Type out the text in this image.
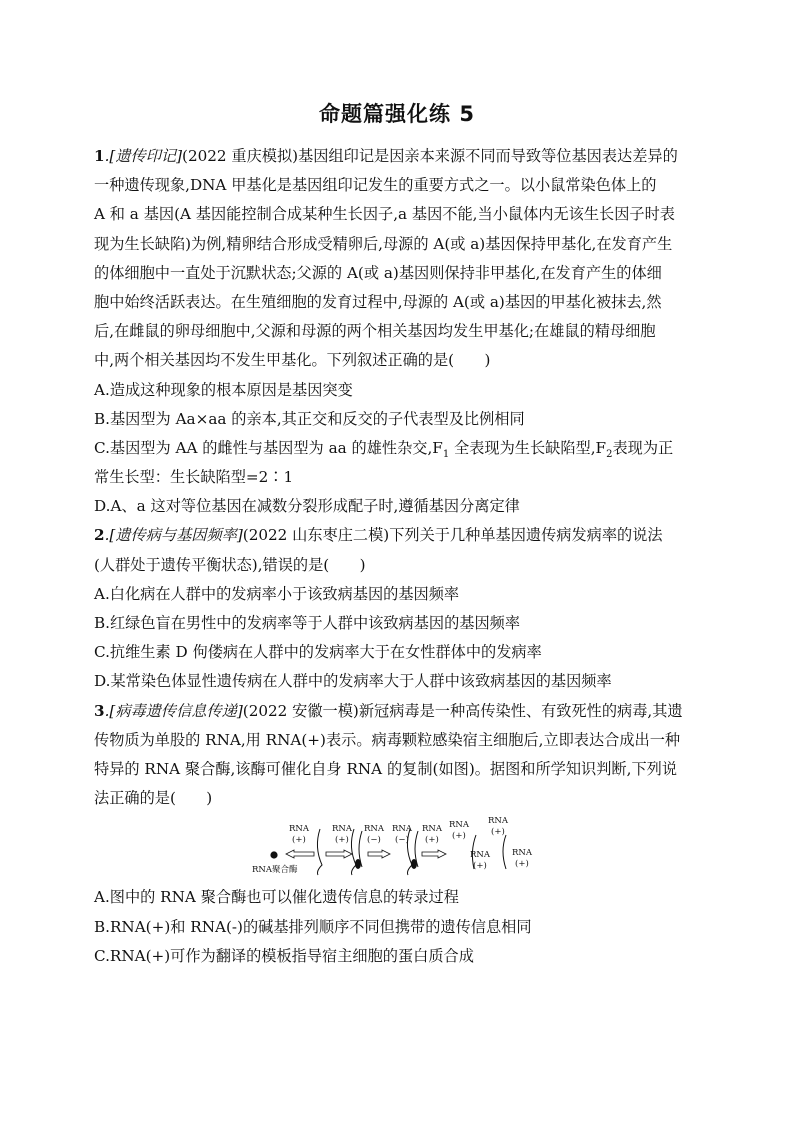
命题篇强化练 5
1.[遗传印记](2022 重庆模拟)基因组印记是因亲本来源不同而导致等位基因表达差异的
一种遗传现象,DNA 甲基化是基因组印记发生的重要方式之一。以小鼠常染色体上的
A 和 a 基因(A 基因能控制合成某种生长因子,a 基因不能,当小鼠体内无该生长因子时表
现为生长缺陷)为例,精卵结合形成受精卵后,母源的 A(或 a)基因保持甲基化,在发育产生
的体细胞中一直处于沉默状态;父源的 A(或 a)基因则保持非甲基化,在发育产生的体细
胞中始终活跃表达。在生殖细胞的发育过程中,母源的 A(或 a)基因的甲基化被抹去,然
后,在雌鼠的卵母细胞中,父源和母源的两个相关基因均发生甲基化;在雄鼠的精母细胞
中,两个相关基因均不发生甲基化。下列叙述正确的是(　　)
A.造成这种现象的根本原因是基因突变
B.基因型为 Aa×aa 的亲本,其正交和反交的子代表型及比例相同
C.基因型为 AA 的雌性与基因型为 aa 的雄性杂交$,F_1$ 全表现为生长缺陷型$,F_2$表现为正
常生长型：生长缺陷型=2∶1
D.A、a 这对等位基因在减数分裂形成配子时,遵循基因分离定律
2.[遗传病与基因频率](2022 山东枣庄二模)下列关于几种单基因遗传病发病率的说法
(人群处于遗传平衡状态),错误的是(　　)
A.白化病在人群中的发病率小于该致病基因的基因频率
B.红绿色盲在男性中的发病率等于人群中该致病基因的基因频率
C.抗维生素 D 佝偻病在人群中的发病率大于在女性群体中的发病率
D.某常染色体显性遗传病在人群中的发病率大于人群中该致病基因的基因频率
3.[病毒遗传信息传递](2022 安徽一模)新冠病毒是一种高传染性、有致死性的病毒,其遗
传物质为单股的 RNA,用 RNA(+)表示。病毒颗粒感染宿主细胞后,立即表达合成出一种
特异的 RNA 聚合酶,该酶可催化自身 RNA 的复制(如图)。据图和所学知识判断,下列说
法正确的是(　　)
RNA聚合酶
RNA
(+)
RNA
(+)
RNA
(−)
RNA
(−)
RNA
(+)
RNA
(+)
RNA
(+)
RNA
(+)
RNA
(+)
A.图中的 RNA 聚合酶也可以催化遗传信息的转录过程
B.RNA(+)和 RNA(-)的碱基排列顺序不同但携带的遗传信息相同
C.RNA(+)可作为翻译的模板指导宿主细胞的蛋白质合成
